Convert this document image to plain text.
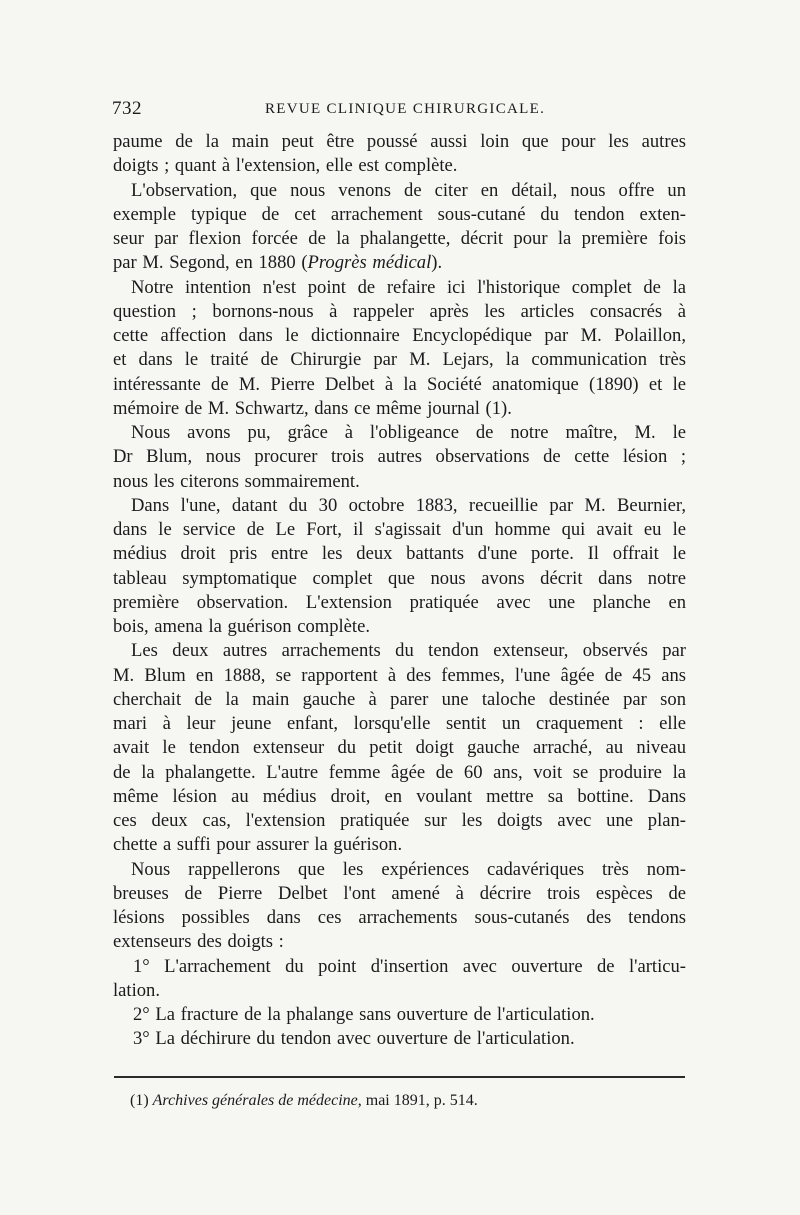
732	REVUE CLINIQUE CHIRURGICALE.
paume de la main peut être poussé aussi loin que pour les autres
doigts ; quant à l'extension, elle est complète.
L'observation, que nous venons de citer en détail, nous offre un
exemple typique de cet arrachement sous-cutané du tendon exten-
seur par flexion forcée de la phalangette, décrit pour la première fois
par M. Segond, en 1880 (Progrès médical).
Notre intention n'est point de refaire ici l'historique complet de la
question ; bornons-nous à rappeler après les articles consacrés à
cette affection dans le dictionnaire Encyclopédique par M. Polaillon,
et dans le traité de Chirurgie par M. Lejars, la communication très
intéressante de M. Pierre Delbet à la Société anatomique (1890) et le
mémoire de M. Schwartz, dans ce même journal (1).
Nous avons pu, grâce à l'obligeance de notre maître, M. le
Dr Blum, nous procurer trois autres observations de cette lésion ;
nous les citerons sommairement.
Dans l'une, datant du 30 octobre 1883, recueillie par M. Beurnier,
dans le service de Le Fort, il s'agissait d'un homme qui avait eu le
médius droit pris entre les deux battants d'une porte. Il offrait le
tableau symptomatique complet que nous avons décrit dans notre
première observation. L'extension pratiquée avec une planche en
bois, amena la guérison complète.
Les deux autres arrachements du tendon extenseur, observés par
M. Blum en 1888, se rapportent à des femmes, l'une âgée de 45 ans
cherchait de la main gauche à parer une taloche destinée par son
mari à leur jeune enfant, lorsqu'elle sentit un craquement : elle
avait le tendon extenseur du petit doigt gauche arraché, au niveau
de la phalangette. L'autre femme âgée de 60 ans, voit se produire la
même lésion au médius droit, en voulant mettre sa bottine. Dans
ces deux cas, l'extension pratiquée sur les doigts avec une plan-
chette a suffi pour assurer la guérison.
Nous rappellerons que les expériences cadavériques très nom-
breuses de Pierre Delbet l'ont amené à décrire trois espèces de
lésions possibles dans ces arrachements sous-cutanés des tendons
extenseurs des doigts :
1° L'arrachement du point d'insertion avec ouverture de l'articu-
lation.
2° La fracture de la phalange sans ouverture de l'articulation.
3° La déchirure du tendon avec ouverture de l'articulation.
(1) Archives générales de médecine, mai 1891, p. 514.
